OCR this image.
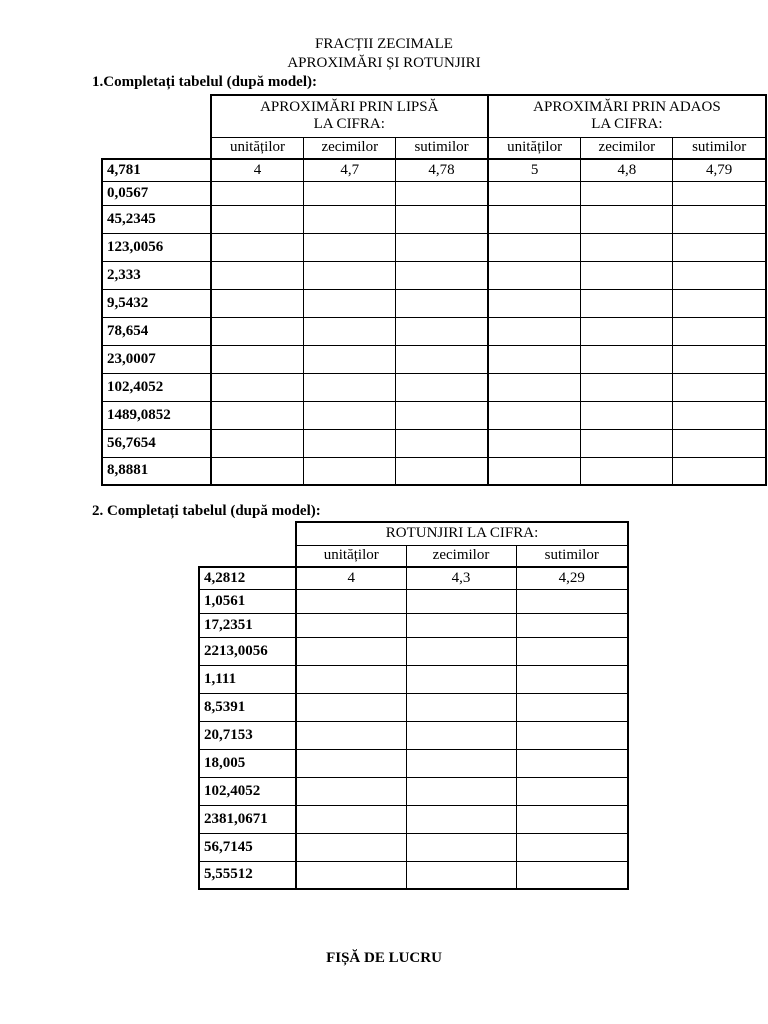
FRACȚII ZECIMALE
APROXIMĂRI ȘI ROTUNJIRI
1.Completați tabelul (după model):
	APROXIMĂRI PRIN LIPSĂ
LA CIFRA:			APROXIMĂRI PRIN ADAOS
LA CIFRA:		
	unităților	zecimilor	sutimilor	unităților	zecimilor	sutimilor
4,781	4	4,7	4,78	5	4,8	4,79
0,0567						
45,2345						
123,0056						
2,333						
9,5432						
78,654						
23,0007						
102,4052						
1489,0852						
56,7654						
8,8881						
2. Completați tabelul (după model):
	ROTUNJIRI LA CIFRA:		
	unităților	zecimilor	sutimilor
4,2812	4	4,3	4,29
1,0561			
17,2351			
2213,0056			
1,111			
8,5391			
20,7153			
18,005			
102,4052			
2381,0671			
56,7145			
5,55512			
FIȘĂ DE LUCRU
